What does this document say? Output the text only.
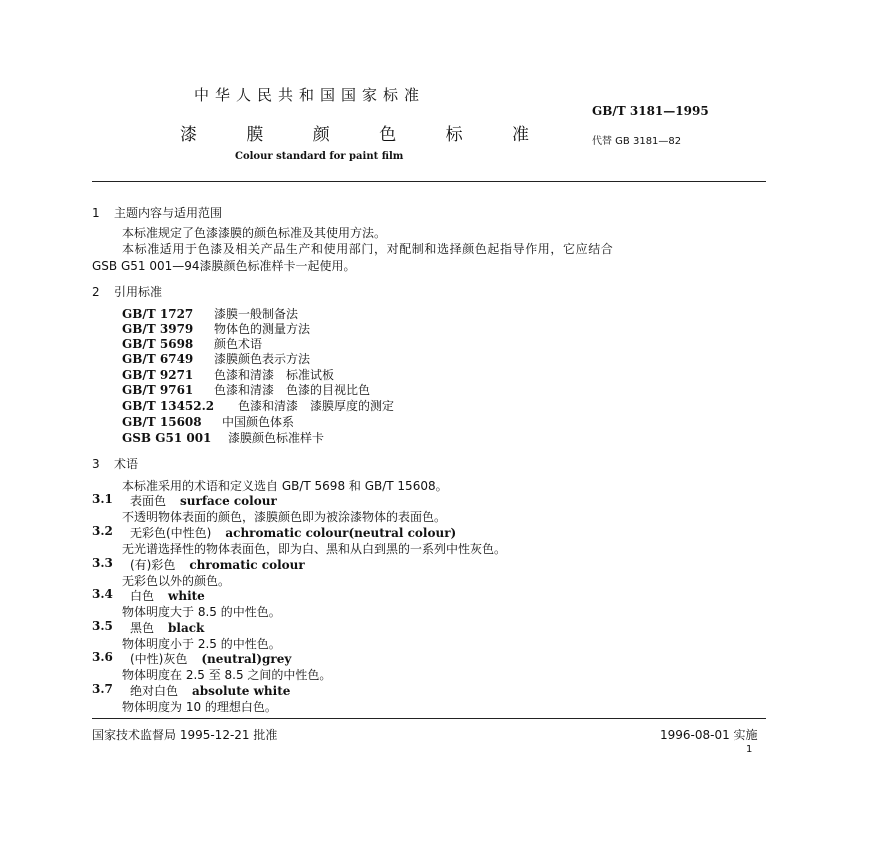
中华人民共和国国家标准
GB/T 3181—1995
漆 膜 颜 色 标 准	代替 GB 3181—82
Colour standard for paint film
1 主题内容与适用范围
本标准规定了色漆漆膜的颜色标准及其使用方法。
本标准适用于色漆及相关产品生产和使用部门，对配制和选择颜色起指导作用，它应结合
GSB G51 001—94漆膜颜色标准样卡一起使用。
2 引用标准
GB/T 1727 漆膜一般制备法
GB/T 3979 物体色的测量方法
GB/T 5698 颜色术语
GB/T 6749 漆膜颜色表示方法
GB/T 9271 色漆和清漆　标准试板
GB/T 9761 色漆和清漆　色漆的目视比色
GB/T 13452.2 色漆和清漆　漆膜厚度的测定
GB/T 15608 中国颜色体系
GSB G51 001 漆膜颜色标准样卡
3 术语
本标准采用的术语和定义选自 GB/T 5698 和 GB/T 15608。
3.1 表面色 surface colour
不透明物体表面的颜色，漆膜颜色即为被涂漆物体的表面色。
3.2 无彩色(中性色) achromatic colour(neutral colour)
无光谱选择性的物体表面色，即为白、黑和从白到黑的一系列中性灰色。
3.3 (有)彩色 chromatic colour
无彩色以外的颜色。
3.4 白色 white
物体明度大于 8.5 的中性色。
3.5 黑色 black
物体明度小于 2.5 的中性色。
3.6 (中性)灰色 (neutral)grey
物体明度在 2.5 至 8.5 之间的中性色。
3.7 绝对白色 absolute white
物体明度为 10 的理想白色。
国家技术监督局 1995-12-21 批准	1996-08-01 实施
1
